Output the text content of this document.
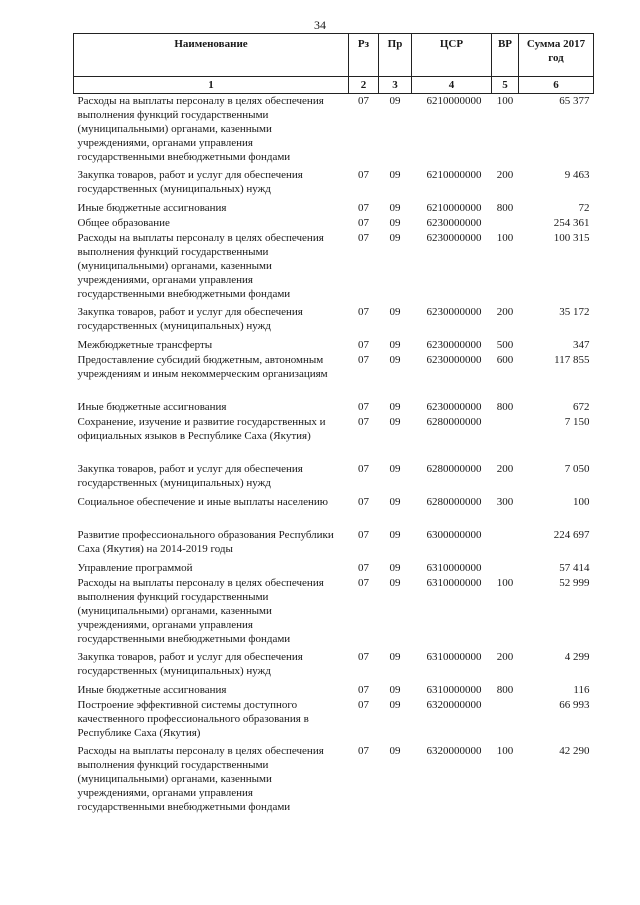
34
Наименование	Рз	Пр	ЦСР	ВР	Сумма 2017 год
1	2	3	4	5	6
Расходы на выплаты персоналу в целях обеспечения выполнения функций государственными (муниципальными) органами, казенными учреждениями, органами управления государственными внебюджетными фондами	07	09	6210000000	100	65 377
Закупка товаров, работ и услуг для обеспечения государственных (муниципальных) нужд	07	09	6210000000	200	9 463
Иные бюджетные ассигнования	07	09	6210000000	800	72
Общее образование	07	09	6230000000		254 361
Расходы на выплаты персоналу в целях обеспечения выполнения функций государственными (муниципальными) органами, казенными учреждениями, органами управления государственными внебюджетными фондами	07	09	6230000000	100	100 315
Закупка товаров, работ и услуг для обеспечения государственных (муниципальных) нужд	07	09	6230000000	200	35 172
Межбюджетные трансферты	07	09	6230000000	500	347
Предоставление субсидий бюджетным, автономным учреждениям и иным некоммерческим организациям	07	09	6230000000	600	117 855
Иные бюджетные ассигнования	07	09	6230000000	800	672
Сохранение, изучение и развитие государственных и официальных языков в Республике Саха (Якутия)	07	09	6280000000		7 150
Закупка товаров, работ и услуг для обеспечения государственных (муниципальных) нужд	07	09	6280000000	200	7 050
Социальное обеспечение и иные выплаты населению	07	09	6280000000	300	100
Развитие профессионального образования Республики Саха (Якутия) на 2014-2019 годы	07	09	6300000000		224 697
Управление программой	07	09	6310000000		57 414
Расходы на выплаты персоналу в целях обеспечения выполнения функций государственными (муниципальными) органами, казенными учреждениями, органами управления государственными внебюджетными фондами	07	09	6310000000	100	52 999
Закупка товаров, работ и услуг для обеспечения государственных (муниципальных) нужд	07	09	6310000000	200	4 299
Иные бюджетные ассигнования	07	09	6310000000	800	116
Построение эффективной системы доступного качественного профессионального образования в Республике Саха (Якутия)	07	09	6320000000		66 993
Расходы на выплаты персоналу в целях обеспечения выполнения функций государственными (муниципальными) органами, казенными учреждениями, органами управления государственными внебюджетными фондами	07	09	6320000000	100	42 290
